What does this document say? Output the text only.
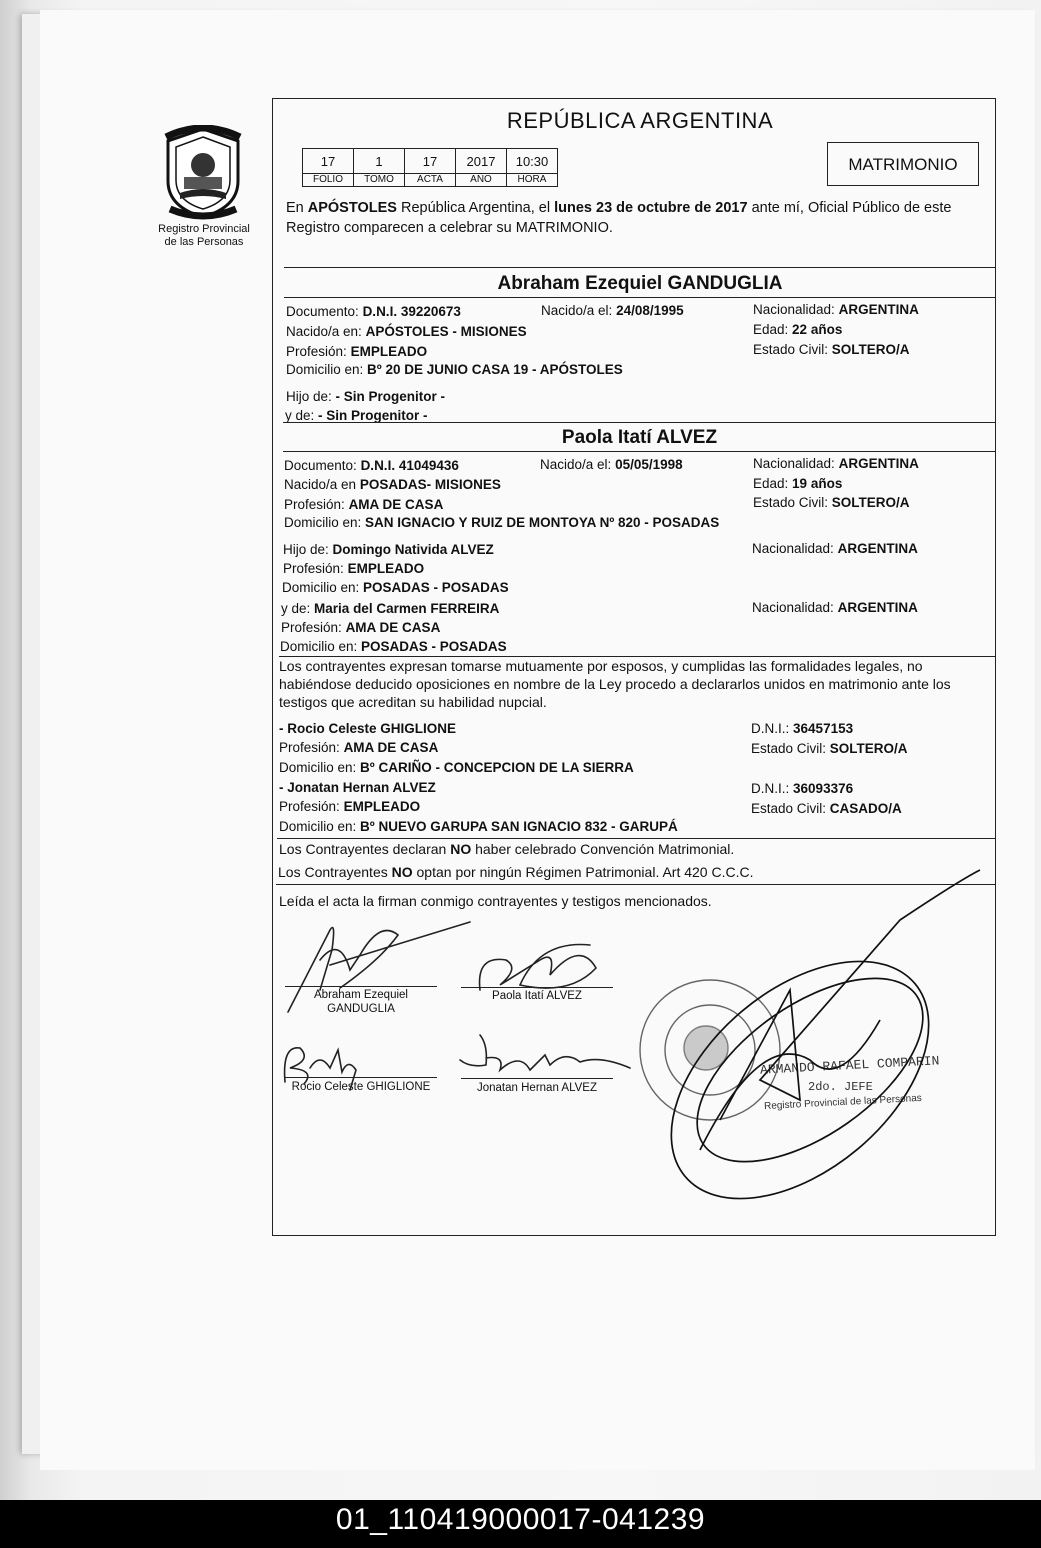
Registro Provincial
de las Personas
REPÚBLICA ARGENTINA
17	1	17	2017	10:30
FOLIO	TOMO	ACTA	AÑO	HORA
MATRIMONIO
En APÓSTOLES República Argentina, el lunes 23 de octubre de 2017 ante mí, Oficial Público de este Registro comparecen a celebrar su MATRIMONIO.
Abraham Ezequiel GANDUGLIA
Documento: D.N.I. 39220673	Nacido/a el: 24/08/1995	Nacionalidad: ARGENTINA
Nacido/a en: APÓSTOLES - MISIONES	Edad: 22 años
Profesión: EMPLEADO	Estado Civil: SOLTERO/A
Domicilio en: Bº 20 DE JUNIO CASA 19 - APÓSTOLES
Hijo de: - Sin Progenitor -
y de: - Sin Progenitor -
Paola Itatí ALVEZ
Documento: D.N.I. 41049436	Nacido/a el: 05/05/1998	Nacionalidad: ARGENTINA
Nacido/a en POSADAS- MISIONES	Edad: 19 años
Profesión: AMA DE CASA	Estado Civil: SOLTERO/A
Domicilio en: SAN IGNACIO Y RUIZ DE MONTOYA Nº 820 - POSADAS
Hijo de: Domingo Nativida ALVEZ	Nacionalidad: ARGENTINA
Profesión: EMPLEADO
Domicilio en: POSADAS - POSADAS
y de: Maria del Carmen FERREIRA	Nacionalidad: ARGENTINA
Profesión: AMA DE CASA
Domicilio en: POSADAS - POSADAS
Los contrayentes expresan tomarse mutuamente por esposos, y cumplidas las formalidades legales, no habiéndose deducido oposiciones en nombre de la Ley procedo a declararlos unidos en matrimonio ante los testigos que acreditan su habilidad nupcial.
- Rocio Celeste GHIGLIONE	D.N.I.: 36457153
Profesión: AMA DE CASA	Estado Civil: SOLTERO/A
Domicilio en: Bº CARIÑO - CONCEPCION DE LA SIERRA
- Jonatan Hernan ALVEZ	D.N.I.: 36093376
Profesión: EMPLEADO	Estado Civil: CASADO/A
Domicilio en: Bº NUEVO GARUPA SAN IGNACIO 832 - GARUPÁ
Los Contrayentes declaran NO haber celebrado Convención Matrimonial.
Los Contrayentes NO optan por ningún Régimen Patrimonial. Art 420 C.C.C.
Leída el acta la firman conmigo contrayentes y testigos mencionados.
Abraham Ezequiel
GANDUGLIA
Paola Itatí ALVEZ
Rocio Celeste GHIGLIONE	Jonatan Hernan ALVEZ
ARMANDO RAFAEL COMPARIN
2do. JEFE
Registro Provincial de las Personas
01_110419000017-041239
